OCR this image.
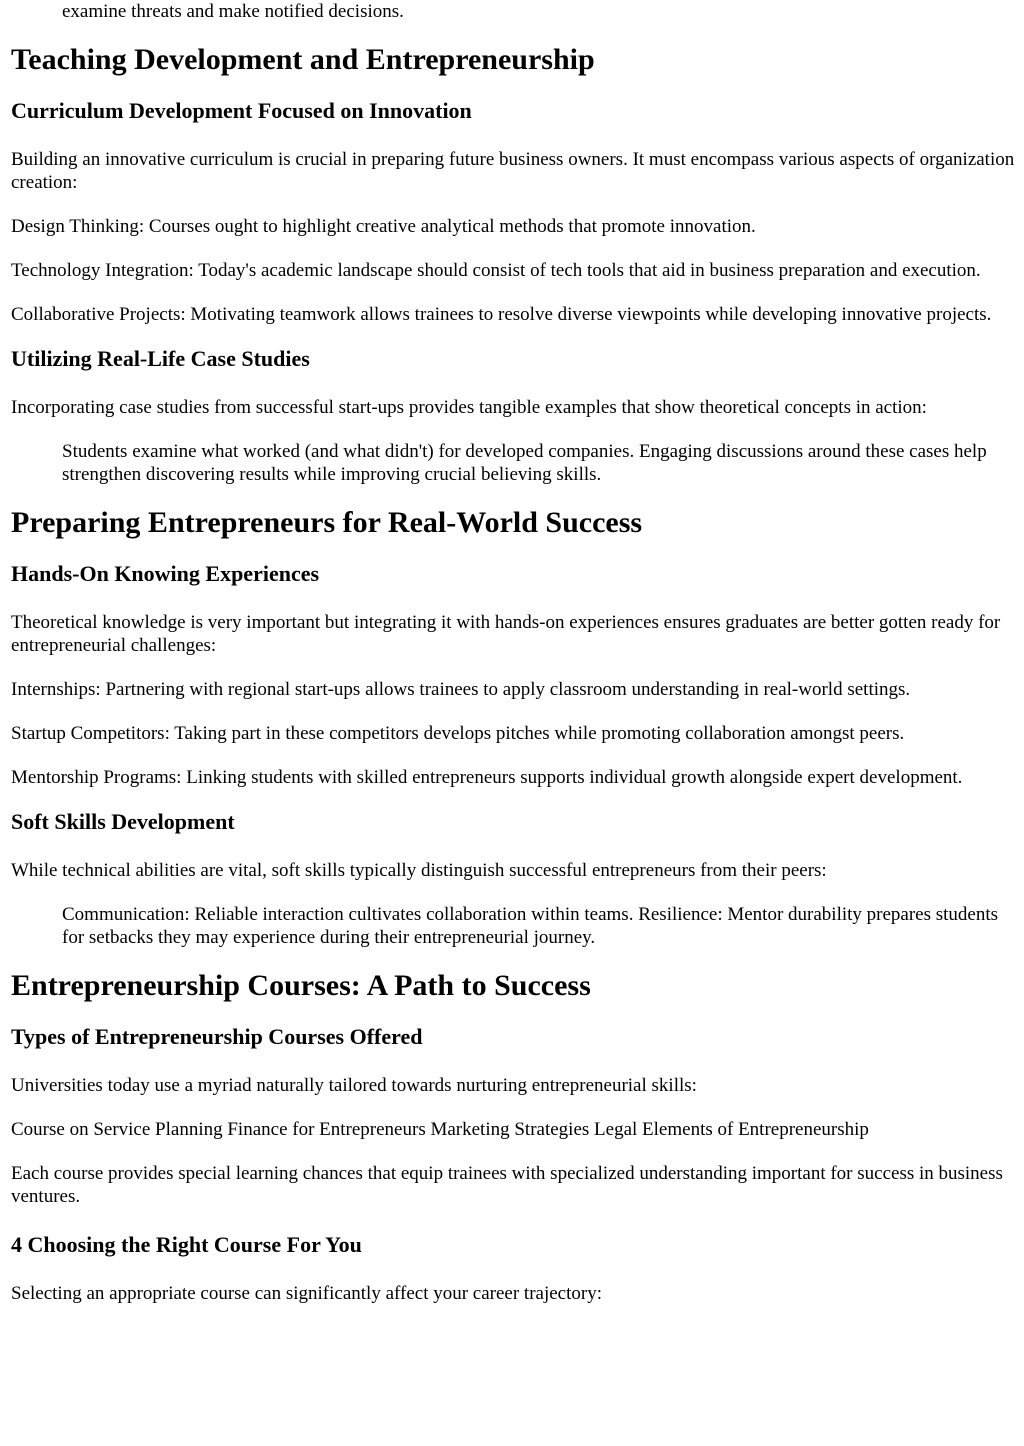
examine threats and make notified decisions.
Teaching Development and Entrepreneurship
Curriculum Development Focused on Innovation

Building an innovative curriculum is crucial in preparing future business owners. It must encompass various aspects of organization creation:

Design Thinking: Courses ought to highlight creative analytical methods that promote innovation.

Technology Integration: Today's academic landscape should consist of tech tools that aid in business preparation and execution.

Collaborative Projects: Motivating teamwork allows trainees to resolve diverse viewpoints while developing innovative projects.

Utilizing Real-Life Case Studies

Incorporating case studies from successful start-ups provides tangible examples that show theoretical concepts in action:

Students examine what worked (and what didn't) for developed companies. Engaging discussions around these cases help strengthen discovering results while improving crucial believing skills.
Preparing Entrepreneurs for Real-World Success
Hands-On Knowing Experiences

Theoretical knowledge is very important but integrating it with hands-on experiences ensures graduates are better gotten ready for entrepreneurial challenges:

Internships: Partnering with regional start-ups allows trainees to apply classroom understanding in real-world settings.

Startup Competitors: Taking part in these competitors develops pitches while promoting collaboration amongst peers.

Mentorship Programs: Linking students with skilled entrepreneurs supports individual growth alongside expert development.

Soft Skills Development

While technical abilities are vital, soft skills typically distinguish successful entrepreneurs from their peers:

Communication: Reliable interaction cultivates collaboration within teams. Resilience: Mentor durability prepares students for setbacks they may experience during their entrepreneurial journey.
Entrepreneurship Courses: A Path to Success
Types of Entrepreneurship Courses Offered

Universities today use a myriad naturally tailored towards nurturing entrepreneurial skills:

Course on Service Planning Finance for Entrepreneurs Marketing Strategies Legal Elements of Entrepreneurship

Each course provides special learning chances that equip trainees with specialized understanding important for success in business ventures.

4 Choosing the Right Course For You

Selecting an appropriate course can significantly affect your career trajectory:
